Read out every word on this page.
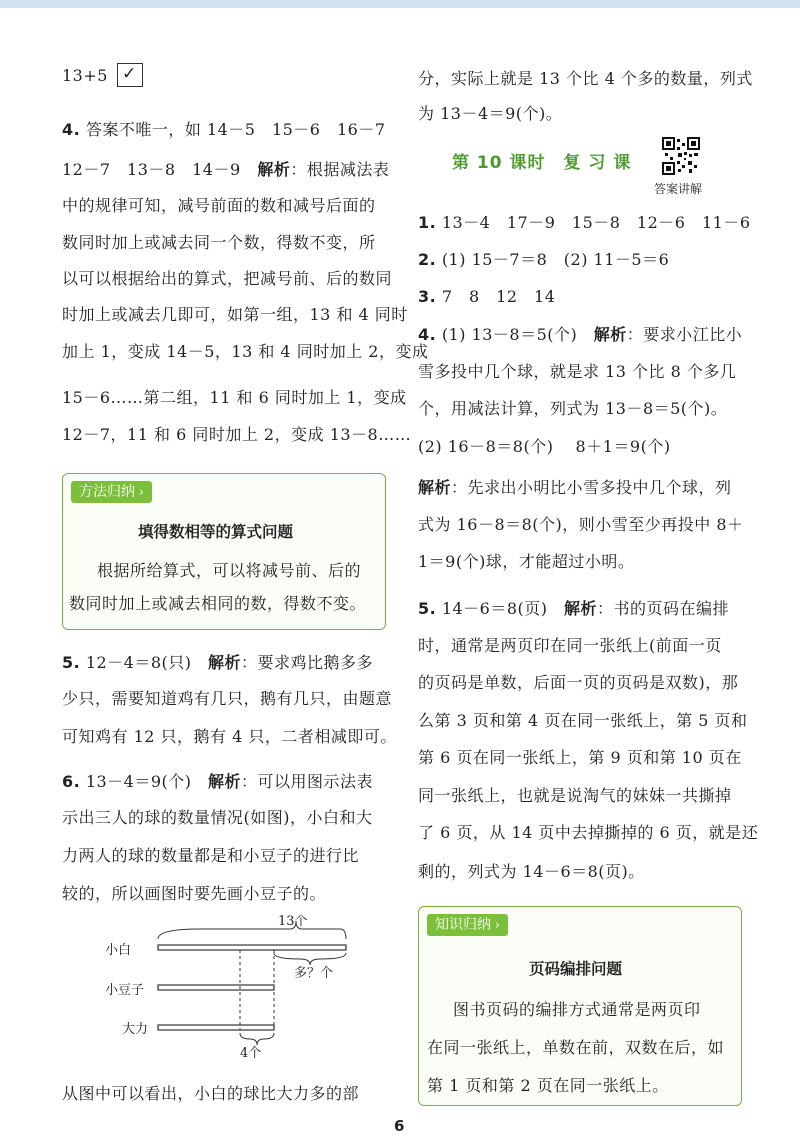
13+5 ✓
4. 答案不唯一，如 14－5　15－6　16－7
12－7　13－8　14－9 解析：根据减法表
中的规律可知，减号前面的数和减号后面的
数同时加上或减去同一个数，得数不变，所
以可以根据给出的算式，把减号前、后的数同
时加上或减去几即可，如第一组，13 和 4 同时
加上 1，变成 14－5，13 和 4 同时加上 2，变成
15－6……第二组，11 和 6 同时加上 1，变成
12－7，11 和 6 同时加上 2，变成 13－8……
方法归纳 ›
填得数相等的算式问题
根据所给算式，可以将减号前、后的
数同时加上或减去相同的数，得数不变。
5. 12－4＝8(只)　解析：要求鸡比鹅多多
少只，需要知道鸡有几只，鹅有几只，由题意
可知鸡有 12 只，鹅有 4 只，二者相减即可。
6. 13－4＝9(个)　解析：可以用图示法表
示出三人的球的数量情况(如图)，小白和大
力两人的球的数量都是和小豆子的进行比
较的，所以画图时要先画小豆子的。
小白
小豆子
大力
13个
多？个
4个
从图中可以看出，小白的球比大力多的部
分，实际上就是 13 个比 4 个多的数量，列式
为 13－4＝9(个)。
第 10 课时　复 习 课
答案讲解
1. 13－4　17－9　15－8　12－6　11－6
2. (1) 15－7＝8　(2) 11－5＝6
3. 7　8　12　14
4. (1) 13－8＝5(个)　解析：要求小江比小
雪多投中几个球，就是求 13 个比 8 个多几
个，用减法计算，列式为 13－8＝5(个)。
(2) 16－8＝8(个)　 8＋1＝9(个)
解析：先求出小明比小雪多投中几个球，列
式为 16－8＝8(个)，则小雪至少再投中 8＋
1＝9(个)球，才能超过小明。
5. 14－6＝8(页)　解析：书的页码在编排
时，通常是两页印在同一张纸上(前面一页
的页码是单数，后面一页的页码是双数)，那
么第 3 页和第 4 页在同一张纸上，第 5 页和
第 6 页在同一张纸上，第 9 页和第 10 页在
同一张纸上，也就是说淘气的妹妹一共撕掉
了 6 页，从 14 页中去掉撕掉的 6 页，就是还
剩的，列式为 14－6＝8(页)。
知识归纳 ›
页码编排问题
图书页码的编排方式通常是两页印
在同一张纸上，单数在前，双数在后，如
第 1 页和第 2 页在同一张纸上。
6
